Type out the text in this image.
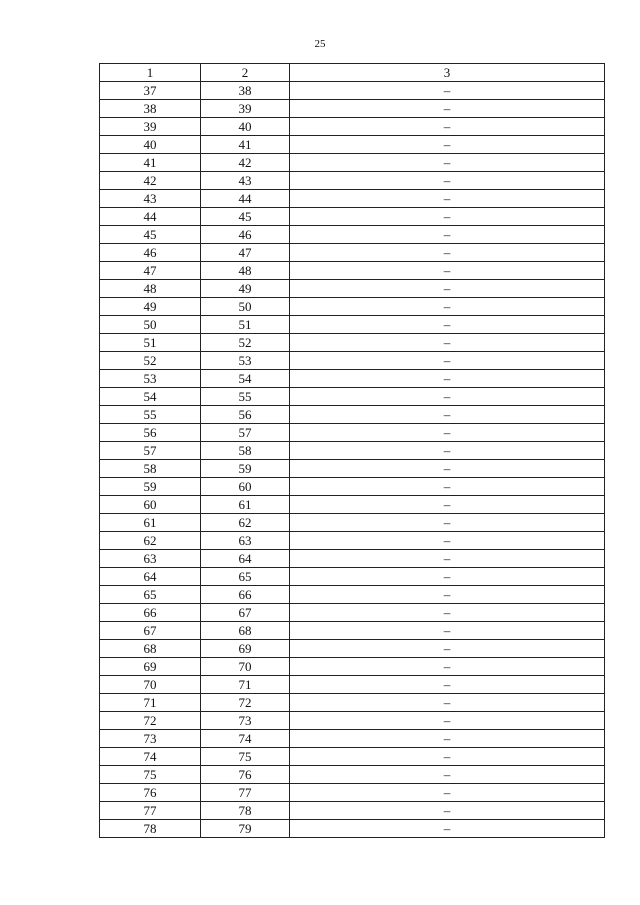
25
1	2	3
37	38	–
38	39	–
39	40	–
40	41	–
41	42	–
42	43	–
43	44	–
44	45	–
45	46	–
46	47	–
47	48	–
48	49	–
49	50	–
50	51	–
51	52	–
52	53	–
53	54	–
54	55	–
55	56	–
56	57	–
57	58	–
58	59	–
59	60	–
60	61	–
61	62	–
62	63	–
63	64	–
64	65	–
65	66	–
66	67	–
67	68	–
68	69	–
69	70	–
70	71	–
71	72	–
72	73	–
73	74	–
74	75	–
75	76	–
76	77	–
77	78	–
78	79	–
